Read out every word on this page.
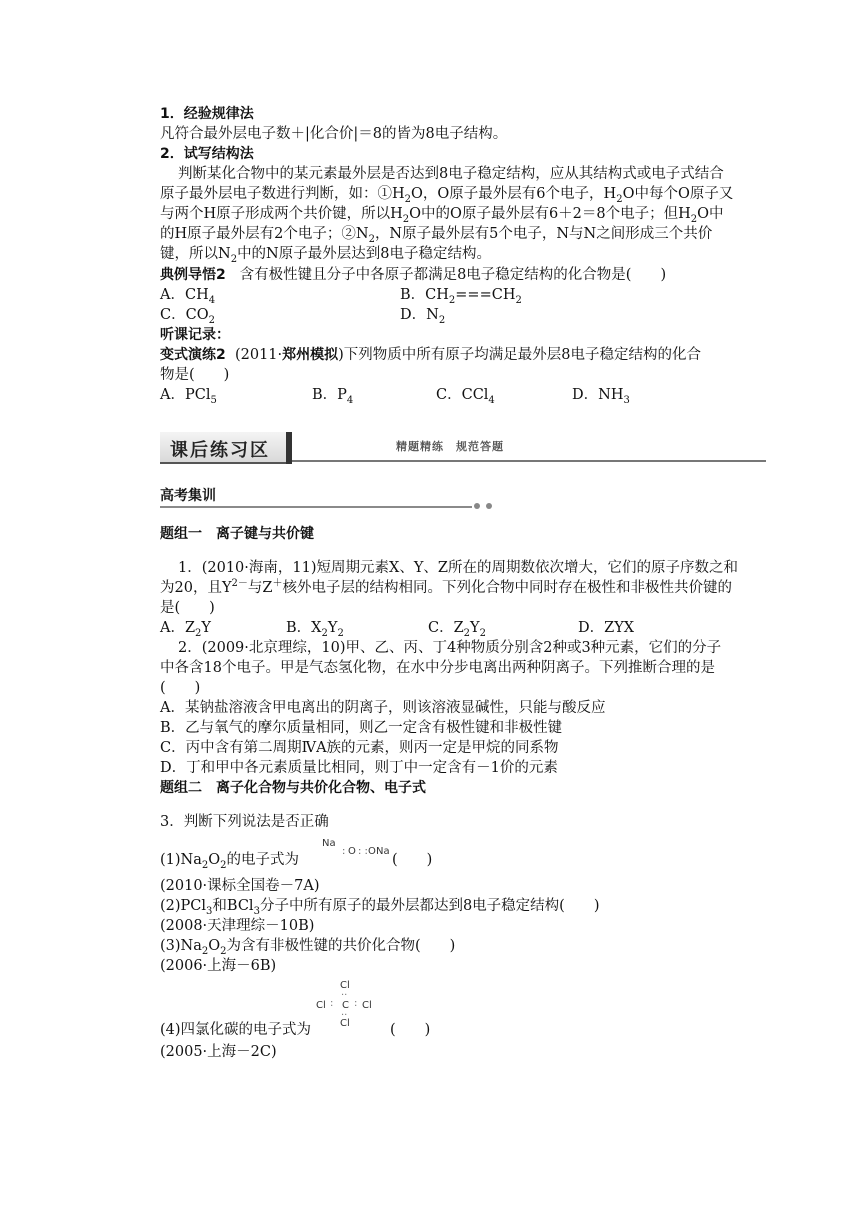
1．经验规律法
凡符合最外层电子数＋|化合价|＝8的皆为8电子结构。
2．试写结构法
判断某化合物中的某元素最外层是否达到8电子稳定结构，应从其结构式或电子式结合
原子最外层电子数进行判断，如：$①H_2O$，O原子最外层有6个电子，$H_2O$中每个O原子又
与两个H原子形成两个共价键，所以$H_2O$中的O原子最外层有6＋2＝8个电子；但$H_2O$中
的H原子最外层有2个电子；$②N_2$，N原子最外层有5个电子，N与N之间形成三个共价
键，所以$N_2$中的N原子最外层达到8电子稳定结构。
典例导悟2 含有极性键且分子中各原子都满足8电子稳定结构的化合物是(　　)
A．$CH_4$	B．$CH_2===CH_2$
C．$CO_2$	D．$N_2$
听课记录：
变式演练2 (2011·郑州模拟)下列物质中所有原子均满足最外层8电子稳定结构的化合
物是(　　)
A．PCl$_5$	B．$P_4$	C．CCl$_4$	D．$NH_3$
课后练习区	精题精练　规范答题
高考集训
题组一　离子键与共价键
1．(2010·海南，11)短周期元素X、Y、Z所在的周期数依次增大，它们的原子序数之和
为20，且$Y^{2-}$与Z＋核外电子层的结构相同。下列化合物中同时存在极性和非极性共价键的
是(　　)
A．$Z_2Y$	B．$X_2Y_2$	C．$Z_2Y_2$	D．ZYX
2．(2009·北京理综，10)甲、乙、丙、丁4种物质分别含2种或3种元素，它们的分子
中各含18个电子。甲是气态氢化物，在水中分步电离出两种阴离子。下列推断合理的是
(　　)
A．某钠盐溶液含甲电离出的阴离子，则该溶液显碱性，只能与酸反应
B．乙与氧气的摩尔质量相同，则乙一定含有极性键和非极性键
C．丙中含有第二周期ⅣA族的元素，则丙一定是甲烷的同系物
D．丁和甲中各元素质量比相同，则丁中一定含有－1价的元素
题组二　离子化合物与共价化合物、电子式
3．判断下列说法是否正确
$(1)Na_2O_2$的电子式为
Na
: O : : O Na
(　　)
(2010·课标全国卷－7A)
(2)PCl$_3$和BCl$_3$分子中所有原子的最外层都达到8电子稳定结构(　　)
(2008·天津理综－10B)
$(3)Na_2O_2$为含有非极性键的共价化合物(　　)
(2006·上海－6B)
Cl
··
Cl : C : Cl
··
Cl
(4)四氯化碳的电子式为	(　　)
(2005·上海－2C)
